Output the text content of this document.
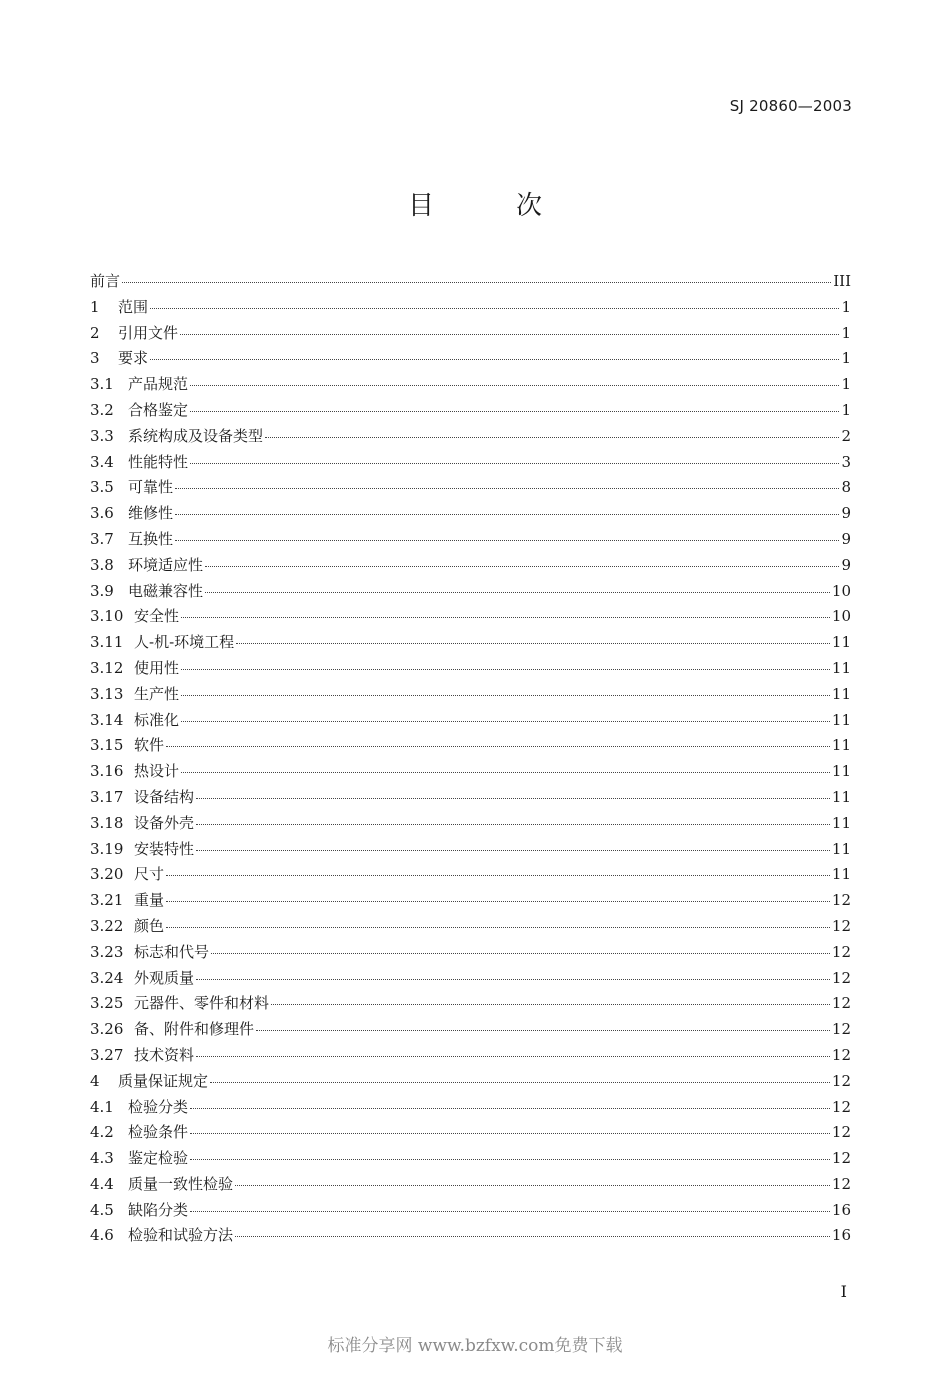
SJ 20860—2003
目次
前言	III
1	范围	1
2	引用文件	1
3	要求	1
3.1 产品规范	1
3.2 合格鉴定	1
3.3 系统构成及设备类型	2
3.4 性能特性	3
3.5 可靠性	8
3.6 维修性	9
3.7 互换性	9
3.8 环境适应性	9
3.9 电磁兼容性	10
3.10 安全性	10
3.11 人-机-环境工程	11
3.12 使用性	11
3.13 生产性	11
3.14 标准化	11
3.15 软件	11
3.16 热设计	11
3.17 设备结构	11
3.18 设备外壳	11
3.19 安装特性	11
3.20 尺寸	11
3.21 重量	12
3.22 颜色	12
3.23 标志和代号	12
3.24 外观质量	12
3.25 元器件、零件和材料	12
3.26 备、附件和修理件	12
3.27 技术资料	12
4	质量保证规定	12
4.1 检验分类	12
4.2 检验条件	12
4.3 鉴定检验	12
4.4 质量一致性检验	12
4.5 缺陷分类	16
4.6 检验和试验方法	16
I
标准分享网 www.bzfxw.com免费下载
